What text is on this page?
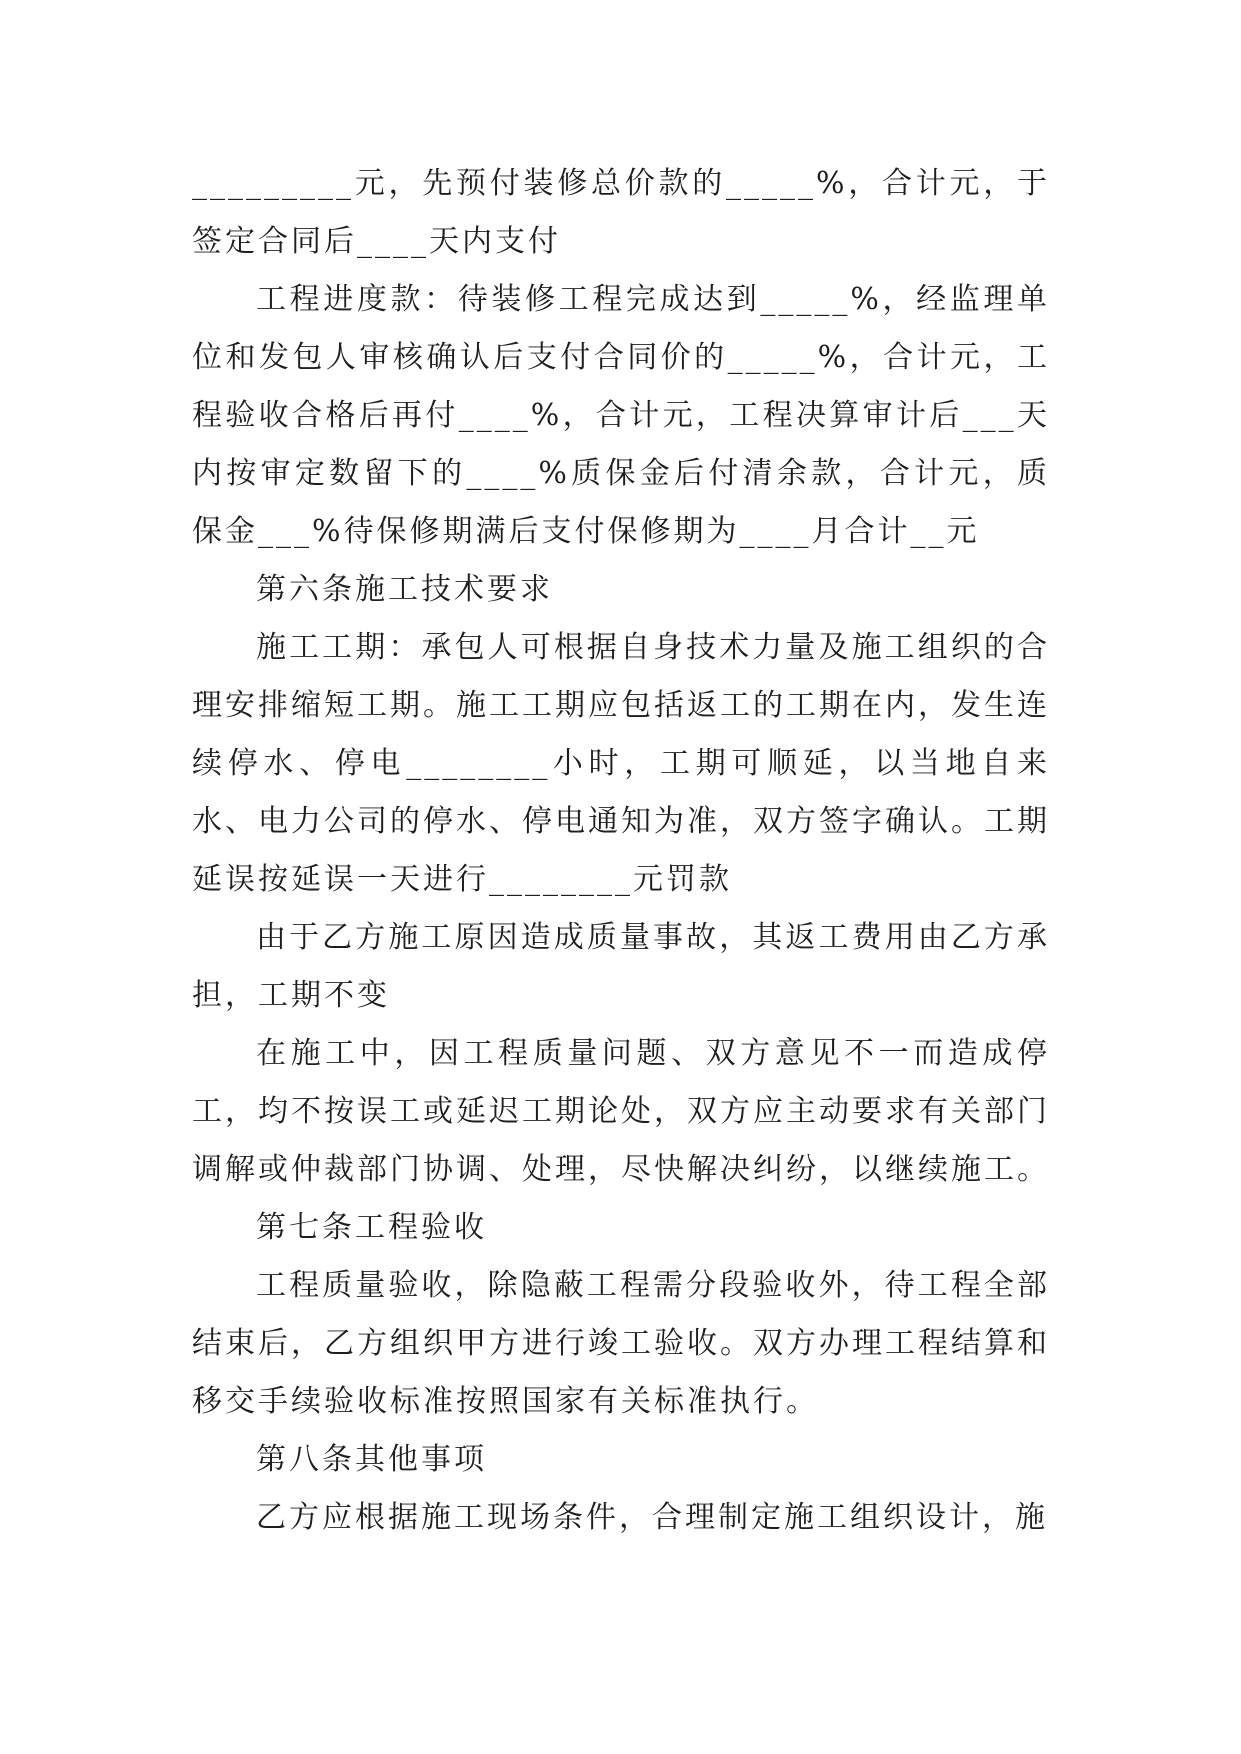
_________元，先预付装修总价款的_____%，合计元，于签定合同后____天内支付

工程进度款：待装修工程完成达到_____%，经监理单位和发包人审核确认后支付合同价的_____%，合计元，工程验收合格后再付____%，合计元，工程决算审计后___天内按审定数留下的____%质保金后付清余款，合计元，质保金___%待保修期满后支付保修期为____月合计__元

第六条施工技术要求

施工工期：承包人可根据自身技术力量及施工组织的合理安排缩短工期。施工工期应包括返工的工期在内，发生连续停水、停电________小时，工期可顺延，以当地自来水、电力公司的停水、停电通知为准，双方签字确认。工期延误按延误一天进行________元罚款

由于乙方施工原因造成质量事故，其返工费用由乙方承担，工期不变

在施工中，因工程质量问题、双方意见不一而造成停工，均不按误工或延迟工期论处，双方应主动要求有关部门调解或仲裁部门协调、处理，尽快解决纠纷，以继续施工。

第七条工程验收

工程质量验收，除隐蔽工程需分段验收外，待工程全部结束后，乙方组织甲方进行竣工验收。双方办理工程结算和移交手续验收标准按照国家有关标准执行。

第八条其他事项

乙方应根据施工现场条件，合理制定施工组织设计，施
